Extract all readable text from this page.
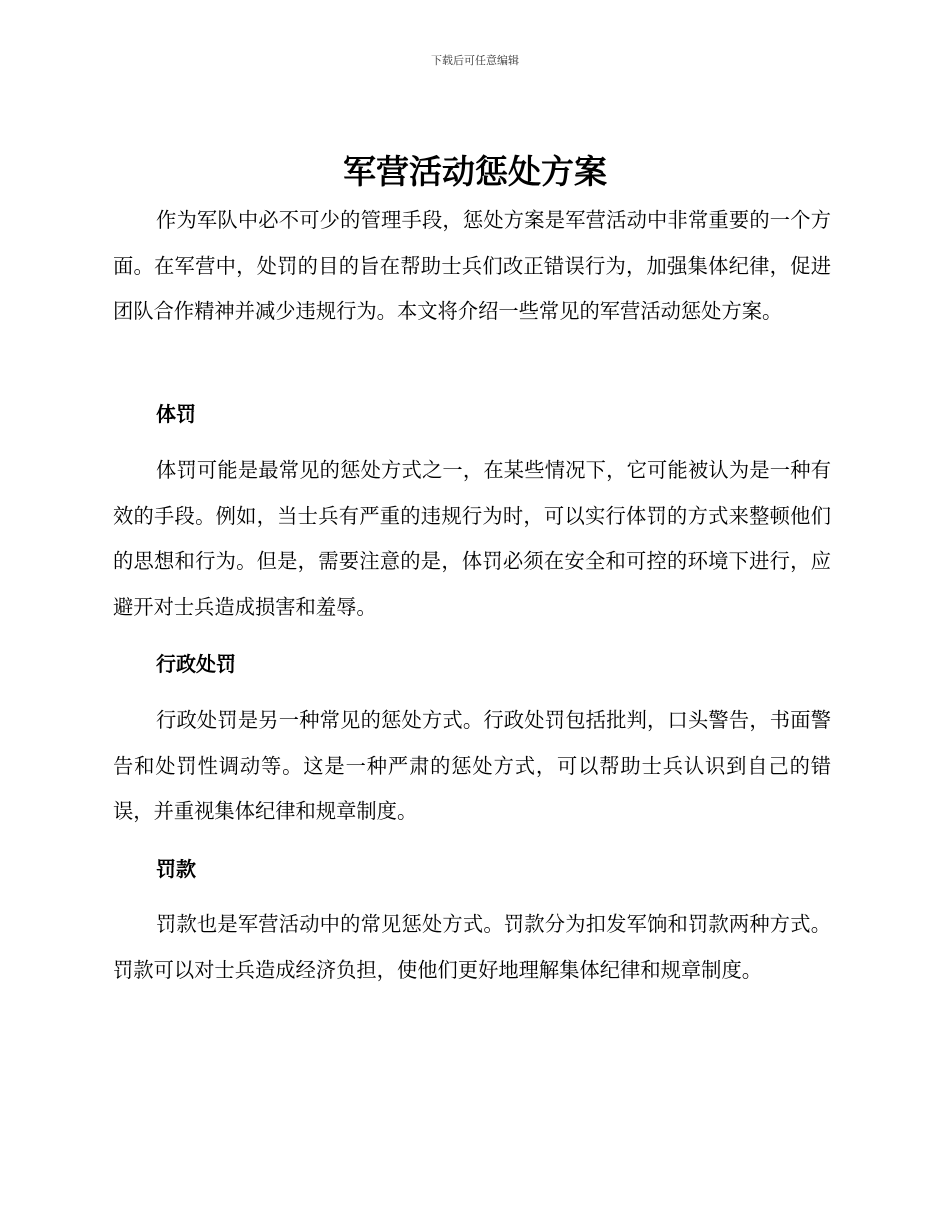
下载后可任意编辑
军营活动惩处方案

作为军队中必不可少的管理手段，惩处方案是军营活动中非常重要的一个方面。在军营中，处罚的目的旨在帮助士兵们改正错误行为，加强集体纪律，促进团队合作精神并减少违规行为。本文将介绍一些常见的军营活动惩处方案。

体罚

体罚可能是最常见的惩处方式之一，在某些情况下，它可能被认为是一种有效的手段。例如，当士兵有严重的违规行为时，可以实行体罚的方式来整顿他们的思想和行为。但是，需要注意的是，体罚必须在安全和可控的环境下进行，应避开对士兵造成损害和羞辱。

行政处罚

行政处罚是另一种常见的惩处方式。行政处罚包括批判，口头警告，书面警告和处罚性调动等。这是一种严肃的惩处方式，可以帮助士兵认识到自己的错误，并重视集体纪律和规章制度。

罚款

罚款也是军营活动中的常见惩处方式。罚款分为扣发军饷和罚款两种方式。罚款可以对士兵造成经济负担，使他们更好地理解集体纪律和规章制度。
